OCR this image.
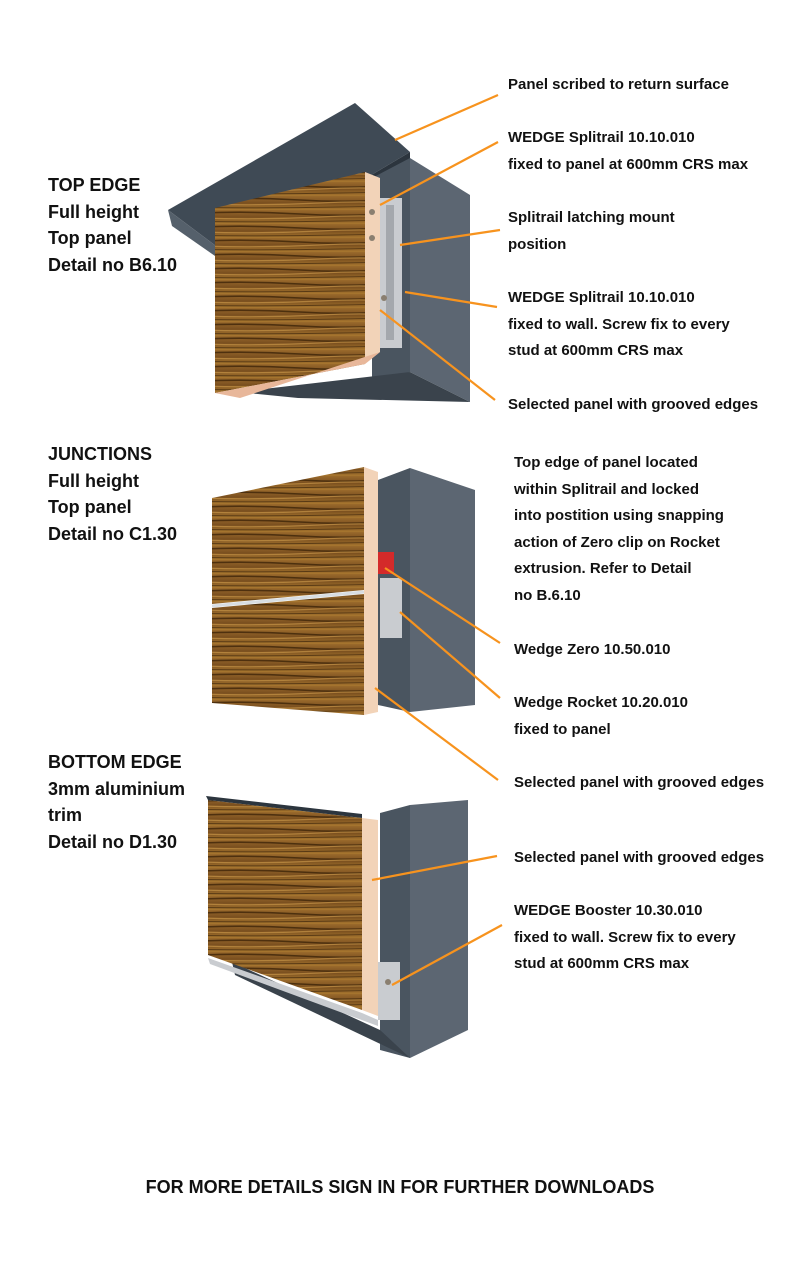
TOP EDGE
Full height
Top panel
Detail no B6.10
JUNCTIONS
Full height
Top panel
Detail no C1.30
BOTTOM EDGE
3mm aluminium
trim
Detail no D1.30
Panel scribed to return surface
WEDGE Splitrail 10.10.010
fixed to panel at 600mm CRS max
Splitrail latching mount
position
WEDGE Splitrail 10.10.010
fixed to wall. Screw fix to every
stud at 600mm CRS max
Selected panel with grooved edges
Top edge of panel located
within Splitrail and locked
into postition using snapping
action of Zero clip on Rocket
extrusion. Refer to Detail
no B.6.10
Wedge Zero 10.50.010
Wedge Rocket 10.20.010
fixed to panel
Selected panel with grooved edges
Selected panel with grooved edges
WEDGE Booster 10.30.010
fixed to wall. Screw fix to every
stud at 600mm CRS max
FOR MORE DETAILS SIGN IN FOR FURTHER DOWNLOADS
